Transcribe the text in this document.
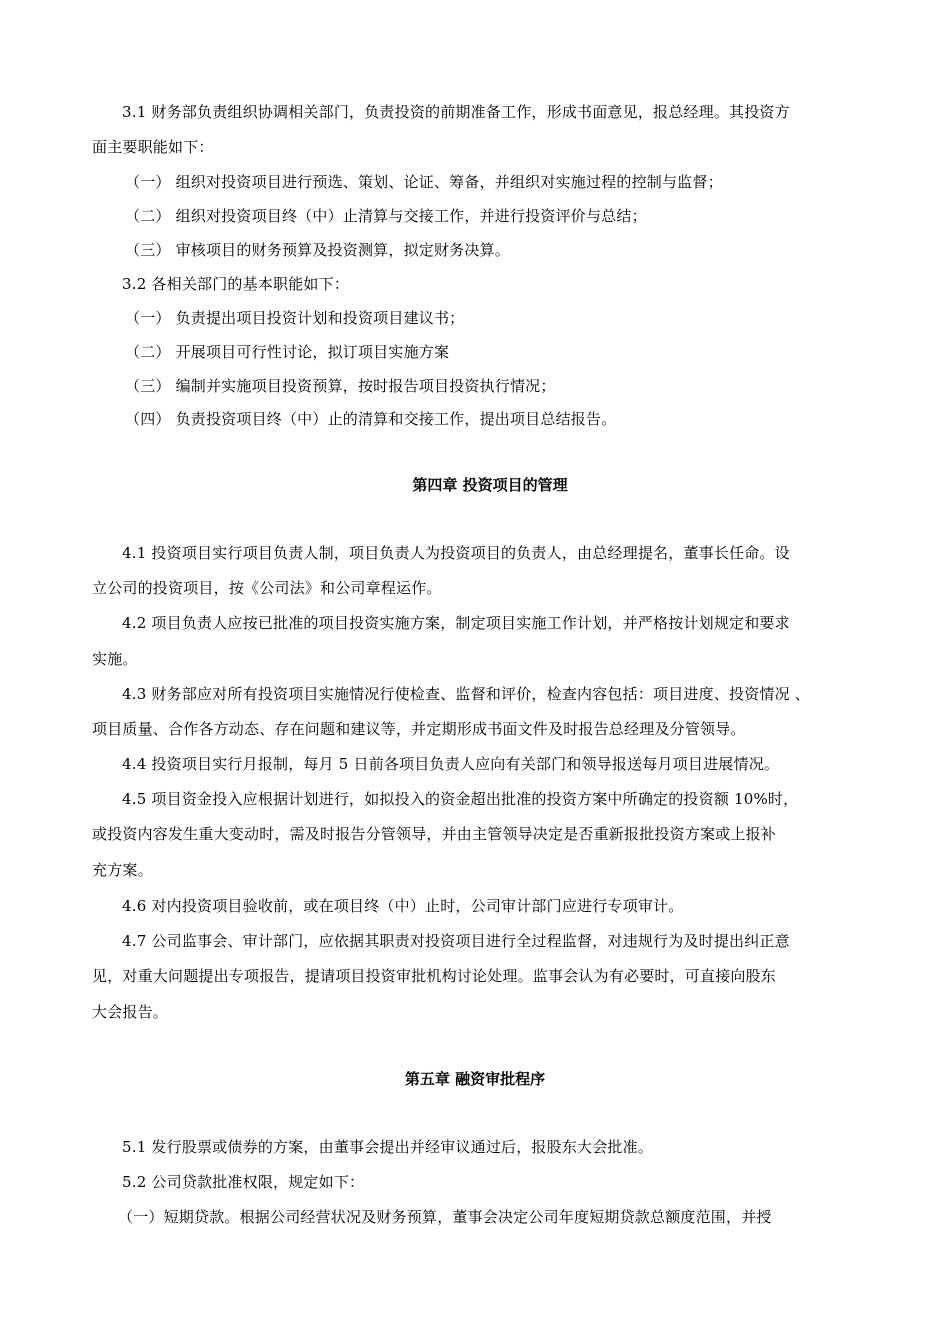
3.1 财务部负责组织协调相关部门，负责投资的前期准备工作，形成书面意见，报总经理。其投资方
面主要职能如下：
（一） 组织对投资项目进行预选、策划、论证、筹备，并组织对实施过程的控制与监督；
（二） 组织对投资项目终（中）止清算与交接工作，并进行投资评价与总结；
（三） 审核项目的财务预算及投资测算，拟定财务决算。
3.2 各相关部门的基本职能如下：
（一） 负责提出项目投资计划和投资项目建议书；
（二） 开展项目可行性讨论，拟订项目实施方案
（三） 编制并实施项目投资预算，按时报告项目投资执行情况；
（四） 负责投资项目终（中）止的清算和交接工作，提出项目总结报告。
第四章 投资项目的管理
4.1 投资项目实行项目负责人制，项目负责人为投资项目的负责人，由总经理提名，董事长任命。设
立公司的投资项目，按《公司法》和公司章程运作。
4.2 项目负责人应按已批准的项目投资实施方案，制定项目实施工作计划，并严格按计划规定和要求
实施。
4.3 财务部应对所有投资项目实施情况行使检查、监督和评价，检查内容包括：项目进度、投资情况 、
项目质量、合作各方动态、存在问题和建议等，并定期形成书面文件及时报告总经理及分管领导。
4.4 投资项目实行月报制，每月 5 日前各项目负责人应向有关部门和领导报送每月项目进展情况。
4.5 项目资金投入应根据计划进行，如拟投入的资金超出批准的投资方案中所确定的投资额 10%时，
或投资内容发生重大变动时，需及时报告分管领导，并由主管领导决定是否重新报批投资方案或上报补
充方案。
4.6 对内投资项目验收前，或在项目终（中）止时，公司审计部门应进行专项审计。
4.7 公司监事会、审计部门，应依据其职责对投资项目进行全过程监督，对违规行为及时提出纠正意
见，对重大问题提出专项报告，提请项目投资审批机构讨论处理。监事会认为有必要时，可直接向股东
大会报告。
第五章 融资审批程序
5.1 发行股票或债券的方案，由董事会提出并经审议通过后，报股东大会批准。
5.2 公司贷款批准权限，规定如下：
（一）短期贷款。根据公司经营状况及财务预算，董事会决定公司年度短期贷款总额度范围，并授
